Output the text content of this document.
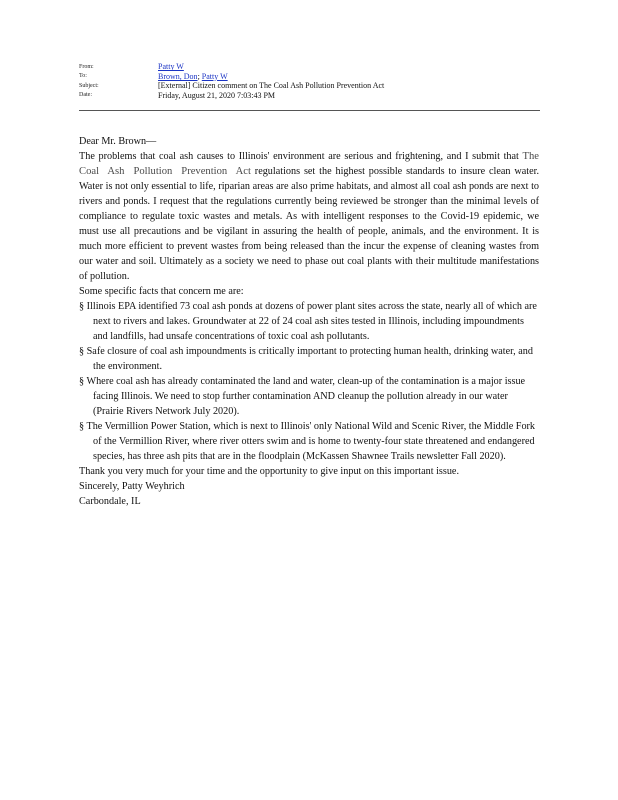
From:	Patty W
To:	Brown, Don; Patty W
Subject:	[External] Citizen comment on The Coal Ash Pollution Prevention Act
Date:	Friday, August 21, 2020 7:03:43 PM

Dear Mr. Brown—

The problems that coal ash causes to Illinois' environment are serious and frightening, and I submit that The Coal Ash Pollution Prevention Act regulations set the highest possible standards to insure clean water. Water is not only essential to life, riparian areas are also prime habitats, and almost all coal ash ponds are next to rivers and ponds. I request that the regulations currently being reviewed be stronger than the minimal levels of compliance to regulate toxic wastes and metals. As with intelligent responses to the Covid-19 epidemic, we must use all precautions and be vigilant in assuring the health of people, animals, and the environment. It is much more efficient to prevent wastes from being released than the incur the expense of cleaning wastes from our water and soil. Ultimately as a society we need to phase out coal plants with their multitude manifestations of pollution.

Some specific facts that concern me are:

§ Illinois EPA identified 73 coal ash ponds at dozens of power plant sites across the state, nearly all of which are next to rivers and lakes. Groundwater at 22 of 24 coal ash sites tested in Illinois, including impoundments and landfills, had unsafe concentrations of toxic coal ash pollutants.

§ Safe closure of coal ash impoundments is critically important to protecting human health, drinking water, and the environment.

§ Where coal ash has already contaminated the land and water, clean-up of the contamination is a major issue facing Illinois. We need to stop further contamination AND cleanup the pollution already in our water (Prairie Rivers Network July 2020).

§ The Vermillion Power Station, which is next to Illinois' only National Wild and Scenic River, the Middle Fork of the Vermillion River, where river otters swim and is home to twenty-four state threatened and endangered species, has three ash pits that are in the floodplain (McKassen Shawnee Trails newsletter Fall 2020).

Thank you very much for your time and the opportunity to give input on this important issue.

Sincerely, Patty Weyhrich

Carbondale, IL
